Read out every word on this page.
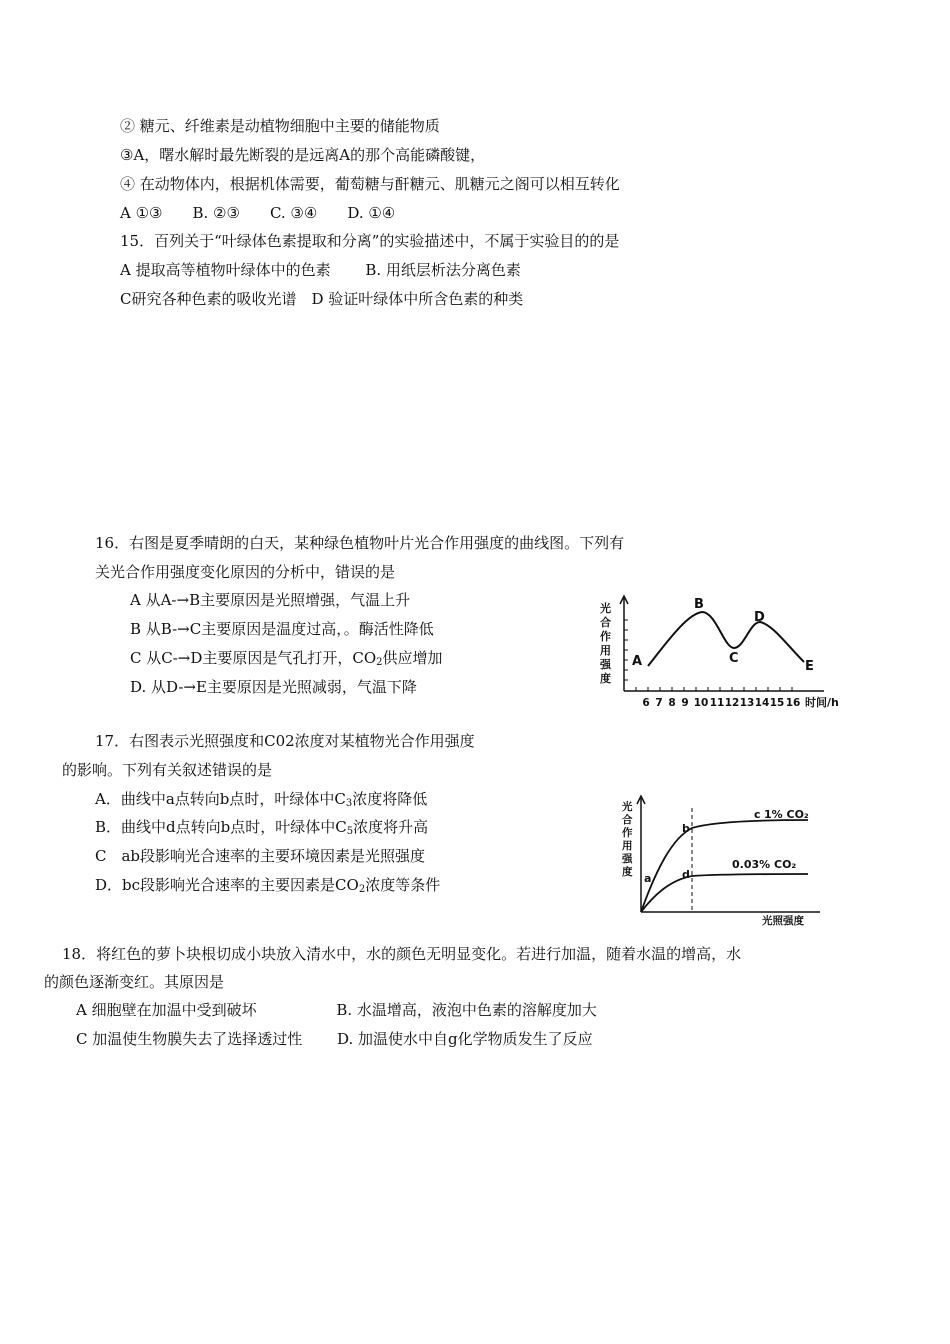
② 糖元、纤维素是动植物细胞中主要的储能物质
③A，曙水解时最先断裂的是远离A的那个高能磷酸键，
④ 在动物体内，根据机体需要，葡萄糖与酐糖元、肌糖元之阁可以相互转化
A ①③　　B. ②③　　C. ③④　　D. ①④
15．百列关于“叶绿体色素提取和分离”的实验描述中，不属于实验目的的是
A 提取高等植物叶绿体中的色素　　 B. 用纸层析法分离色素
C研究各种色素的吸收光谱　D 验证叶绿体中所含色素的种类
16．右图是夏季晴朗的白天，某种绿色植物叶片光合作用强度的曲线图。下列有
关光合作用强度变化原因的分析中，错误的是
A 从A-→B主要原因是光照增强，气温上升
B 从B-→C主要原因是温度过高，。酶活性降低
C 从C-→D主要原因是气孔打开，$CO_2$供应增加
D. 从D-→E主要原因是光照减弱，气温下降
光
合
作
用
强
度
6 7 8 9 10 11 12 13 14 15 16 时间/h
A
B
C
D
E
17．右图表示光照强度和C02浓度对某植物光合作用强度
的影响。下列有关叙述错误的是
A．曲线中a点转向b点时，叶绿体中$C_3$浓度将降低
B．曲线中d点转向b点时，叶绿体中$C_5$浓度将升高
C　ab段影响光合速率的主要环境因素是光照强度
D．bc段影响光合速率的主要因素是$CO_2$浓度等条件
光
合
作
用
强
度 a
b
c
d
1% CO₂
0.03% CO₂
光照强度
18．将红色的萝卜块根切成小块放入清水中，水的颜色无明显变化。若进行加温，随着水温的增高，水
的颜色逐渐变红。其原因是
A 细胞壁在加温中受到破坏　　　　　 B. 水温增高，液泡中色素的溶解度加大
C 加温使生物膜失去了选择透过性　　 D. 加温使水中自g化学物质发生了反应
